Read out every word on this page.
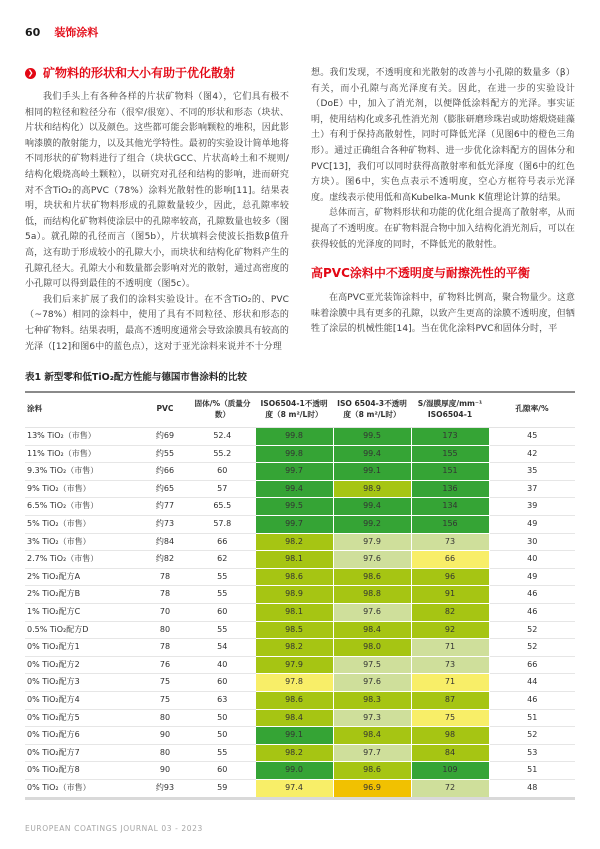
60 装饰涂料
❯ 矿物料的形状和大小有助于优化散射

我们手头上有各种各样的片状矿物料（图4），它们具有极不相同的粒径和粒径分布（很窄/很宽）、不同的形状和形态（块状、片状和结构化）以及颜色。这些都可能会影响颗粒的堆积，因此影响漆膜的散射能力，以及其他光学特性。最初的实验设计简单地将不同形状的矿物料进行了组合（块状GCC、片状高岭土和不规则/结构化煅烧高岭土颗粒），以研究对孔径和结构的影响，进而研究对不含TiO₂的高PVC（78%）涂料光散射性的影响[11]。结果表明，块状和片状矿物料形成的孔隙数量较少，因此，总孔隙率较低，而结构化矿物料使涂层中的孔隙率较高，孔隙数量也较多（图5a）。就孔隙的孔径而言（图5b），片状填料会使波长指数β值升高，这有助于形成较小的孔隙大小，而块状和结构化矿物料产生的孔隙孔径大。孔隙大小和数量都会影响对光的散射，通过高密度的小孔隙可以得到最佳的不透明度（图5c）。

我们后来扩展了我们的涂料实验设计。在不含TiO₂的、PVC（~78%）相同的涂料中，使用了具有不同粒径、形状和形态的七种矿物料。结果表明，最高不透明度通常会导致涂膜具有较高的光泽（[12]和图6中的蓝色点），这对于亚光涂料来说并不十分理

想。我们发现，不透明度和光散射的改善与小孔隙的数量多（β）有关，而小孔隙与高光泽度有关。因此，在进一步的实验设计（DoE）中，加入了消光剂，以便降低涂料配方的光泽。事实证明，使用结构化或多孔性消光剂（膨胀研磨珍珠岩或助熔煅烧硅藻土）有利于保持高散射性，同时可降低光泽（见图6中的橙色三角形）。通过正确组合各种矿物料、进一步优化涂料配方的固体分和PVC[13]，我们可以同时获得高散射率和低光泽度（图6中的红色方块）。图6中，实色点表示不透明度，空心方框符号表示光泽度。虚线表示使用低和高Kubelka-Munk K值理论计算的结果。

总体而言，矿物料形状和功能的优化组合提高了散射率，从而提高了不透明度。在矿物料混合物中加入结构化消光剂后，可以在获得较低的光泽度的同时，不降低光的散射性。

高PVC涂料中不透明度与耐擦洗性的平衡

在高PVC亚光装饰涂料中，矿物料比例高，聚合物量少。这意味着涂膜中具有更多的孔隙，以致产生更高的涂膜不透明度，但牺牲了涂层的机械性能[14]。当在优化涂料PVC和固体分时，平

表1 新型零和低TiO₂配方性能与德国市售涂料的比较
涂料	PVC	固体/%（质量分数）	ISO6504-1不透明度（8 m²/L时）	ISO 6504-3不透明度（8 m²/L时）	S/湿膜厚度/mm⁻¹ ISO6504-1	孔隙率/%
13% TiO₂（市售）	约69	52.4	99.8	99.5	173	45
11% TiO₂（市售）	约55	55.2	99.8	99.4	155	42
9.3% TiO₂（市售）	约66	60	99.7	99.1	151	35
9% TiO₂（市售）	约65	57	99.4	98.9	136	37
6.5% TiO₂（市售）	约77	65.5	99.5	99.4	134	39
5% TiO₂（市售）	约73	57.8	99.7	99.2	156	49
3% TiO₂（市售）	约84	66	98.2	97.9	73	30
2.7% TiO₂（市售）	约82	62	98.1	97.6	66	40
2% TiO₂配方A	78	55	98.6	98.6	96	49
2% TiO₂配方B	78	55	98.9	98.8	91	46
1% TiO₂配方C	70	60	98.1	97.6	82	46
0.5% TiO₂配方D	80	55	98.5	98.4	92	52
0% TiO₂配方1	78	54	98.2	98.0	71	52
0% TiO₂配方2	76	40	97.9	97.5	73	66
0% TiO₂配方3	75	60	97.8	97.6	71	44
0% TiO₂配方4	75	63	98.6	98.3	87	46
0% TiO₂配方5	80	50	98.4	97.3	75	51
0% TiO₂配方6	90	50	99.1	98.4	98	52
0% TiO₂配方7	80	55	98.2	97.7	84	53
0% TiO₂配方8	90	60	99.0	98.6	109	51
0% TiO₂（市售）	约93	59	97.4	96.9	72	48
EUROPEAN COATINGS JOURNAL 03 - 2023
